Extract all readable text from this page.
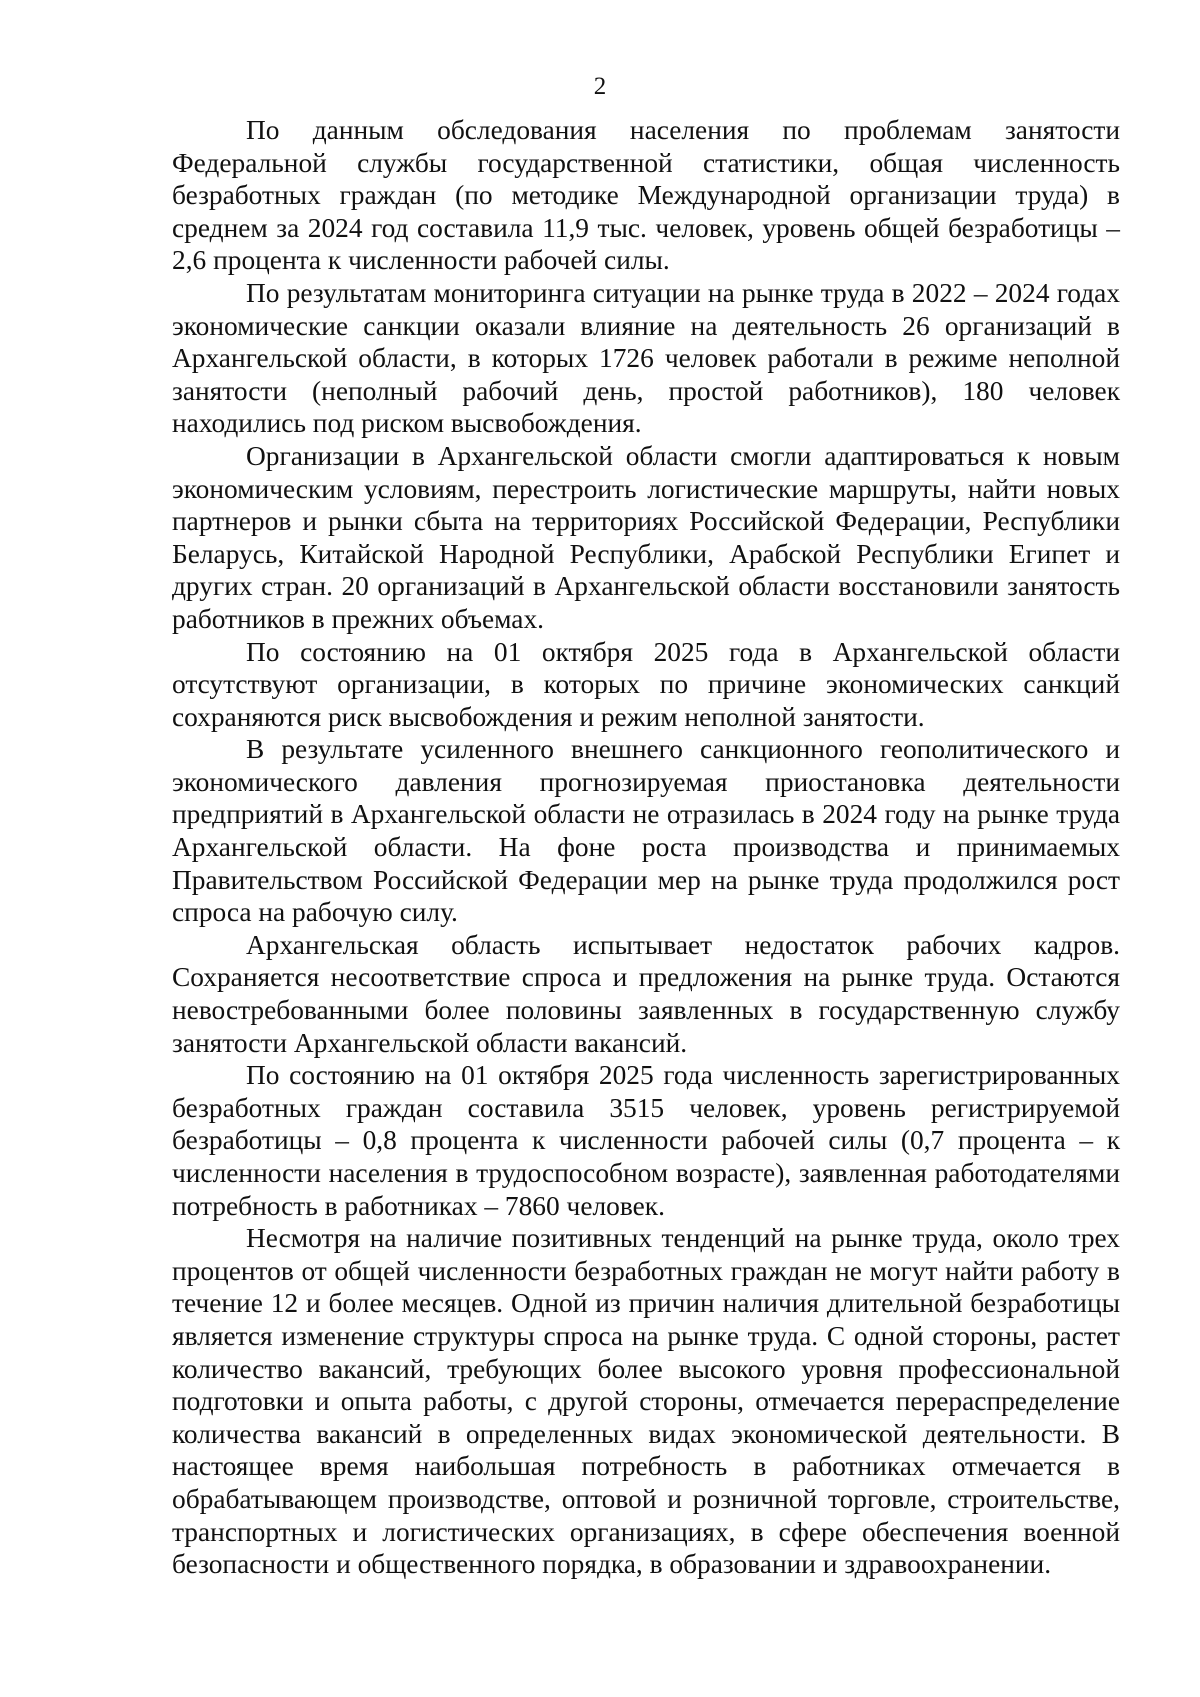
2

По данным обследования населения по проблемам занятости Федеральной службы государственной статистики, общая численность безработных граждан (по методике Международной организации труда) в среднем за 2024 год составила 11,9 тыс. человек, уровень общей безработицы – 2,6 процента к численности рабочей силы.

По результатам мониторинга ситуации на рынке труда в 2022 – 2024 годах экономические санкции оказали влияние на деятельность 26 организаций в Архангельской области, в которых 1726 человек работали в режиме неполной занятости (неполный рабочий день, простой работников), 180 человек находились под риском высвобождения.

Организации в Архангельской области смогли адаптироваться к новым экономическим условиям, перестроить логистические маршруты, найти новых партнеров и рынки сбыта на территориях Российской Федерации, Республики Беларусь, Китайской Народной Республики, Арабской Республики Египет и других стран. 20 организаций в Архангельской области восстановили занятость работников в прежних объемах.

По состоянию на 01 октября 2025 года в Архангельской области отсутствуют организации, в которых по причине экономических санкций сохраняются риск высвобождения и режим неполной занятости.

В результате усиленного внешнего санкционного геополитического и экономического давления прогнозируемая приостановка деятельности предприятий в Архангельской области не отразилась в 2024 году на рынке труда Архангельской области. На фоне роста производства и принимаемых Правительством Российской Федерации мер на рынке труда продолжился рост спроса на рабочую силу.

Архангельская область испытывает недостаток рабочих кадров. Сохраняется несоответствие спроса и предложения на рынке труда. Остаются невостребованными более половины заявленных в государственную службу занятости Архангельской области вакансий.

По состоянию на 01 октября 2025 года численность зарегистрированных безработных граждан составила 3515 человек, уровень регистрируемой безработицы – 0,8 процента к численности рабочей силы (0,7 процента – к численности населения в трудоспособном возрасте), заявленная работодателями потребность в работниках – 7860 человек.

Несмотря на наличие позитивных тенденций на рынке труда, около трех процентов от общей численности безработных граждан не могут найти работу в течение 12 и более месяцев. Одной из причин наличия длительной безработицы является изменение структуры спроса на рынке труда. С одной стороны, растет количество вакансий, требующих более высокого уровня профессиональной подготовки и опыта работы, с другой стороны, отмечается перераспределение количества вакансий в определенных видах экономической деятельности. В настоящее время наибольшая потребность в работниках отмечается в обрабатывающем производстве, оптовой и розничной торговле, строительстве, транспортных и логистических организациях, в сфере обеспечения военной безопасности и общественного порядка, в образовании и здравоохранении.
